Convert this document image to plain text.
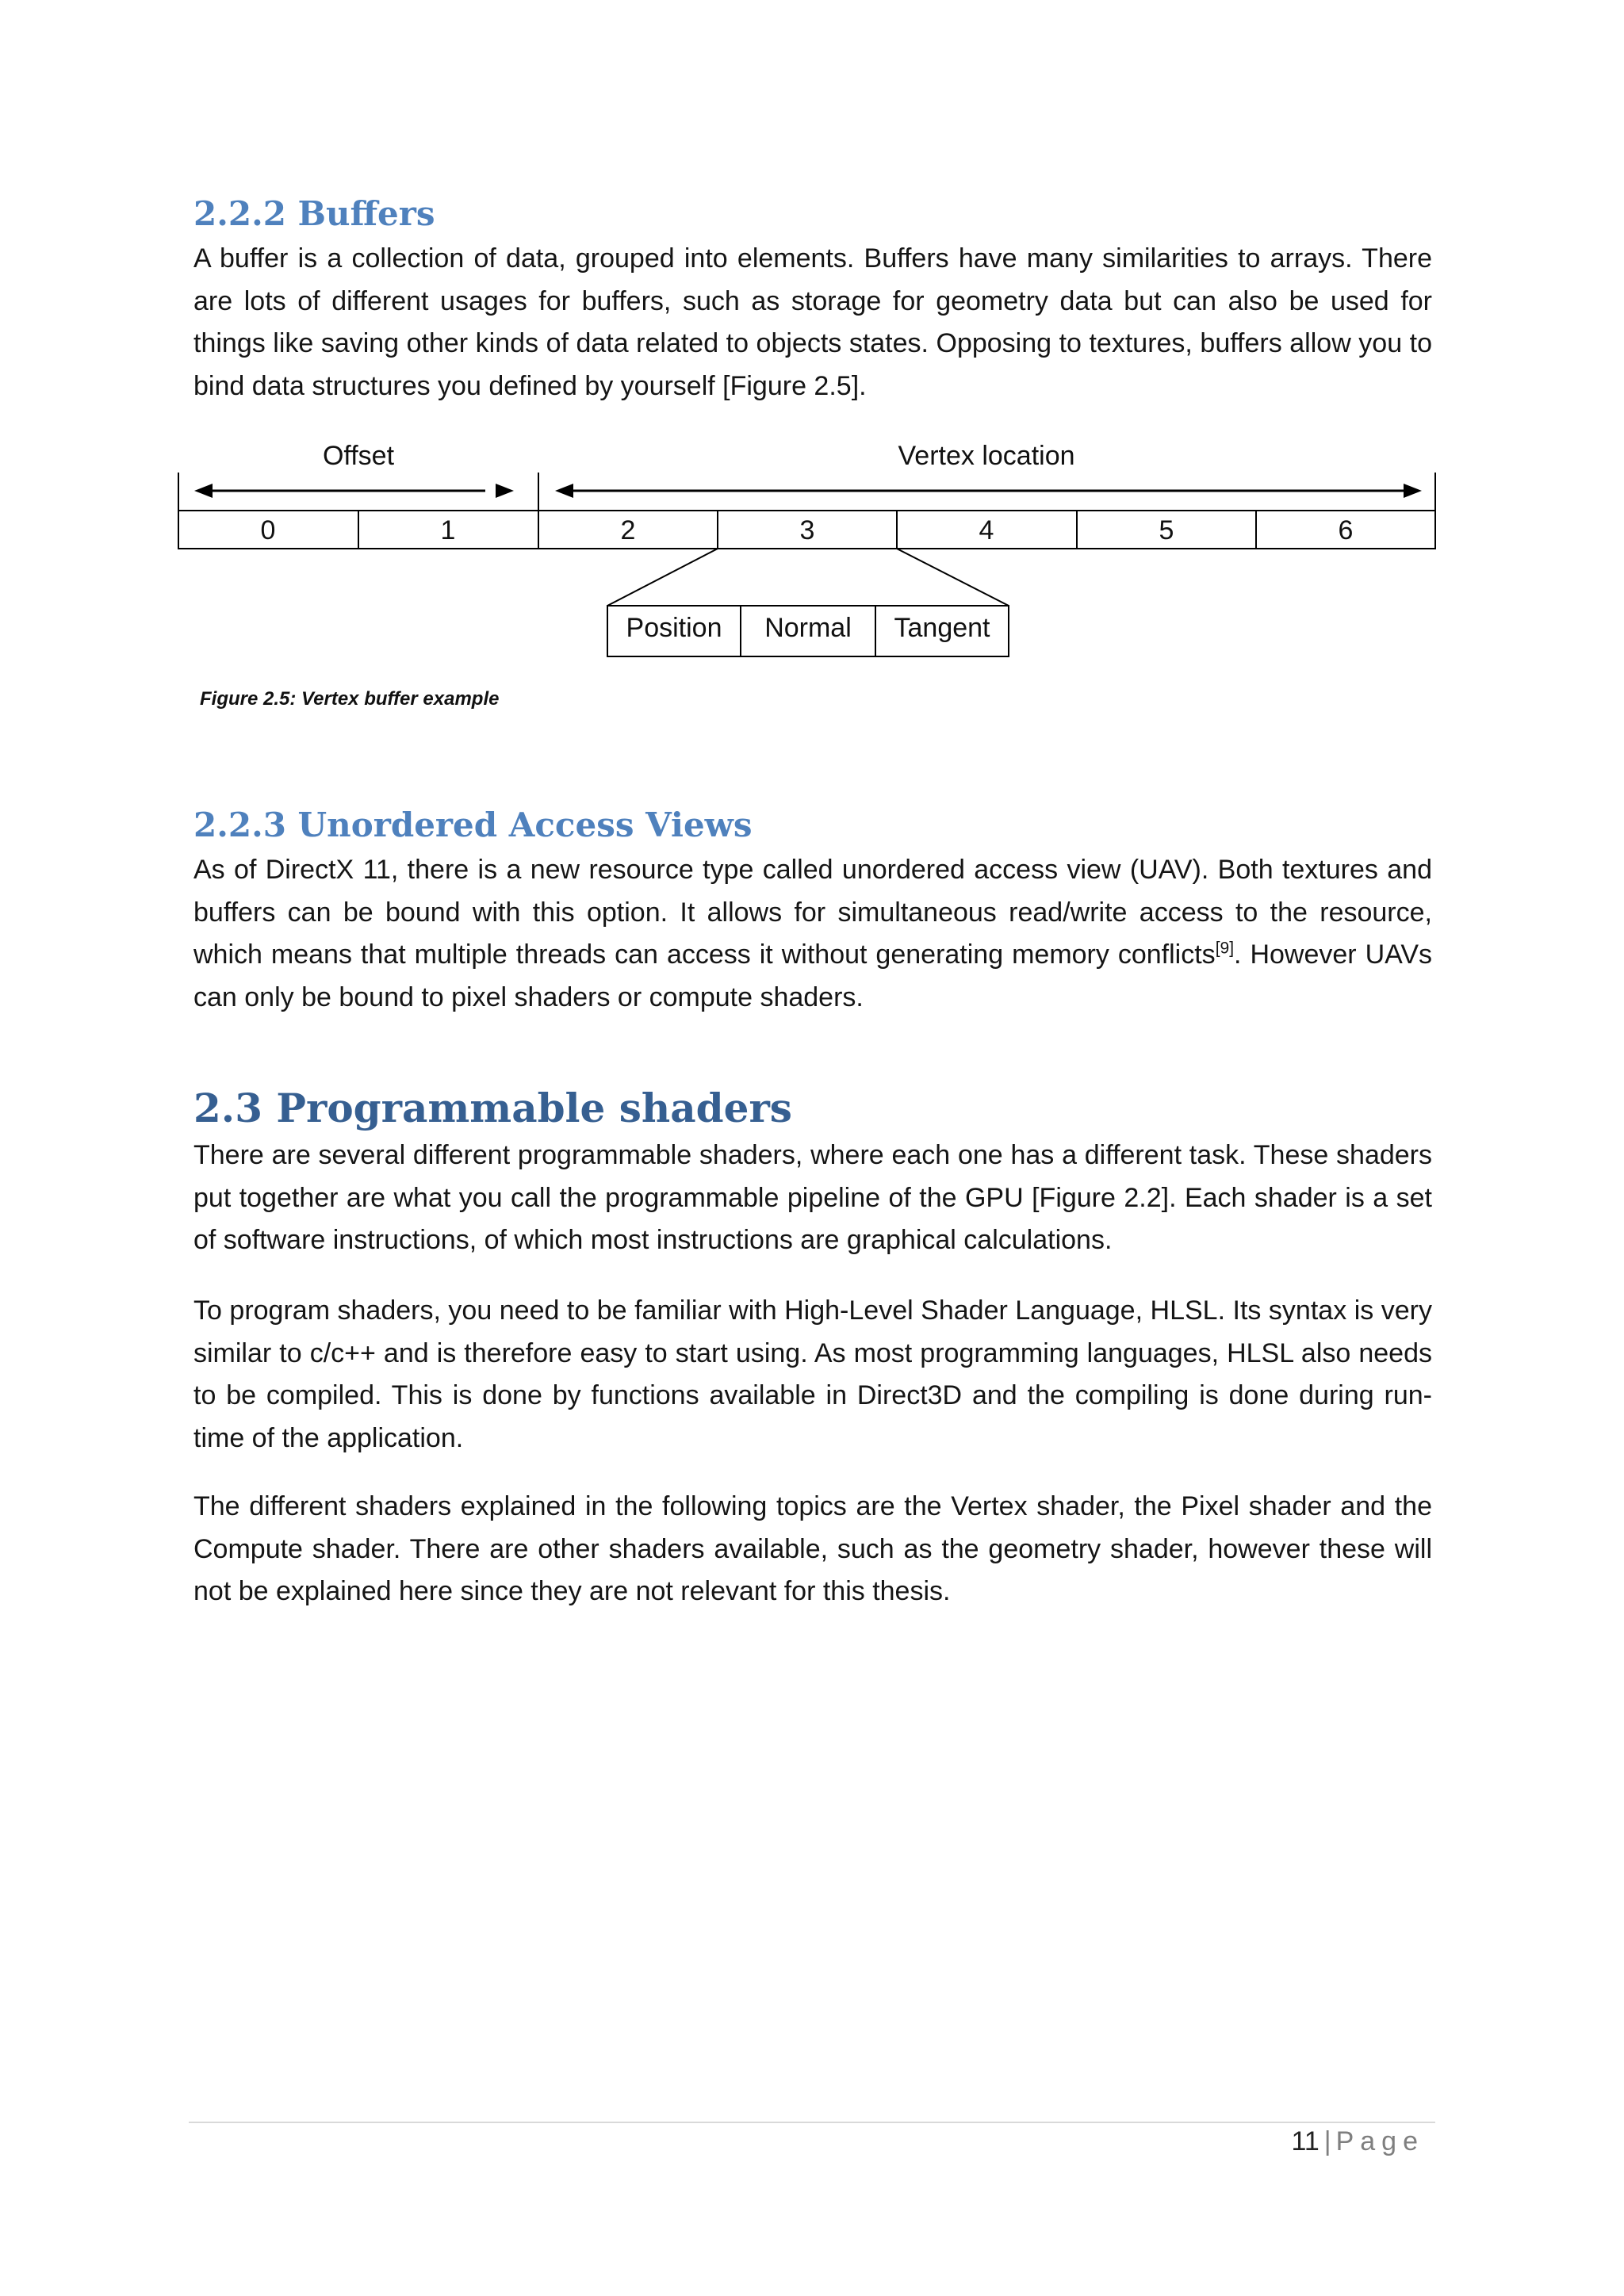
2.2.2 Buffers

A buffer is a collection of data, grouped into elements. Buffers have many similarities to arrays. There are lots of different usages for buffers, such as storage for geometry data but can also be used for things like saving other kinds of data related to objects states. Opposing to textures, buffers allow you to bind data structures you defined by yourself [Figure 2.5].

Offset	Vertex location
0	1	2	3	4	5	6
Position Normal Tangent

Figure 2.5: Vertex buffer example

2.2.3 Unordered Access Views

As of DirectX 11, there is a new resource type called unordered access view (UAV). Both textures and buffers can be bound with this option. It allows for simultaneous read/write access to the resource, which means that multiple threads can access it without generating memory conflicts[9]. However UAVs can only be bound to pixel shaders or compute shaders.

2.3 Programmable shaders

There are several different programmable shaders, where each one has a different task. These shaders put together are what you call the programmable pipeline of the GPU [Figure 2.2]. Each shader is a set of software instructions, of which most instructions are graphical calculations.

To program shaders, you need to be familiar with High-Level Shader Language, HLSL. Its syntax is very similar to c/c++ and is therefore easy to start using. As most programming languages, HLSL also needs to be compiled. This is done by functions available in Direct3D and the compiling is done during run-time of the application.

The different shaders explained in the following topics are the Vertex shader, the Pixel shader and the Compute shader. There are other shaders available, such as the geometry shader, however these will not be explained here since they are not relevant for this thesis.

11 | Page
